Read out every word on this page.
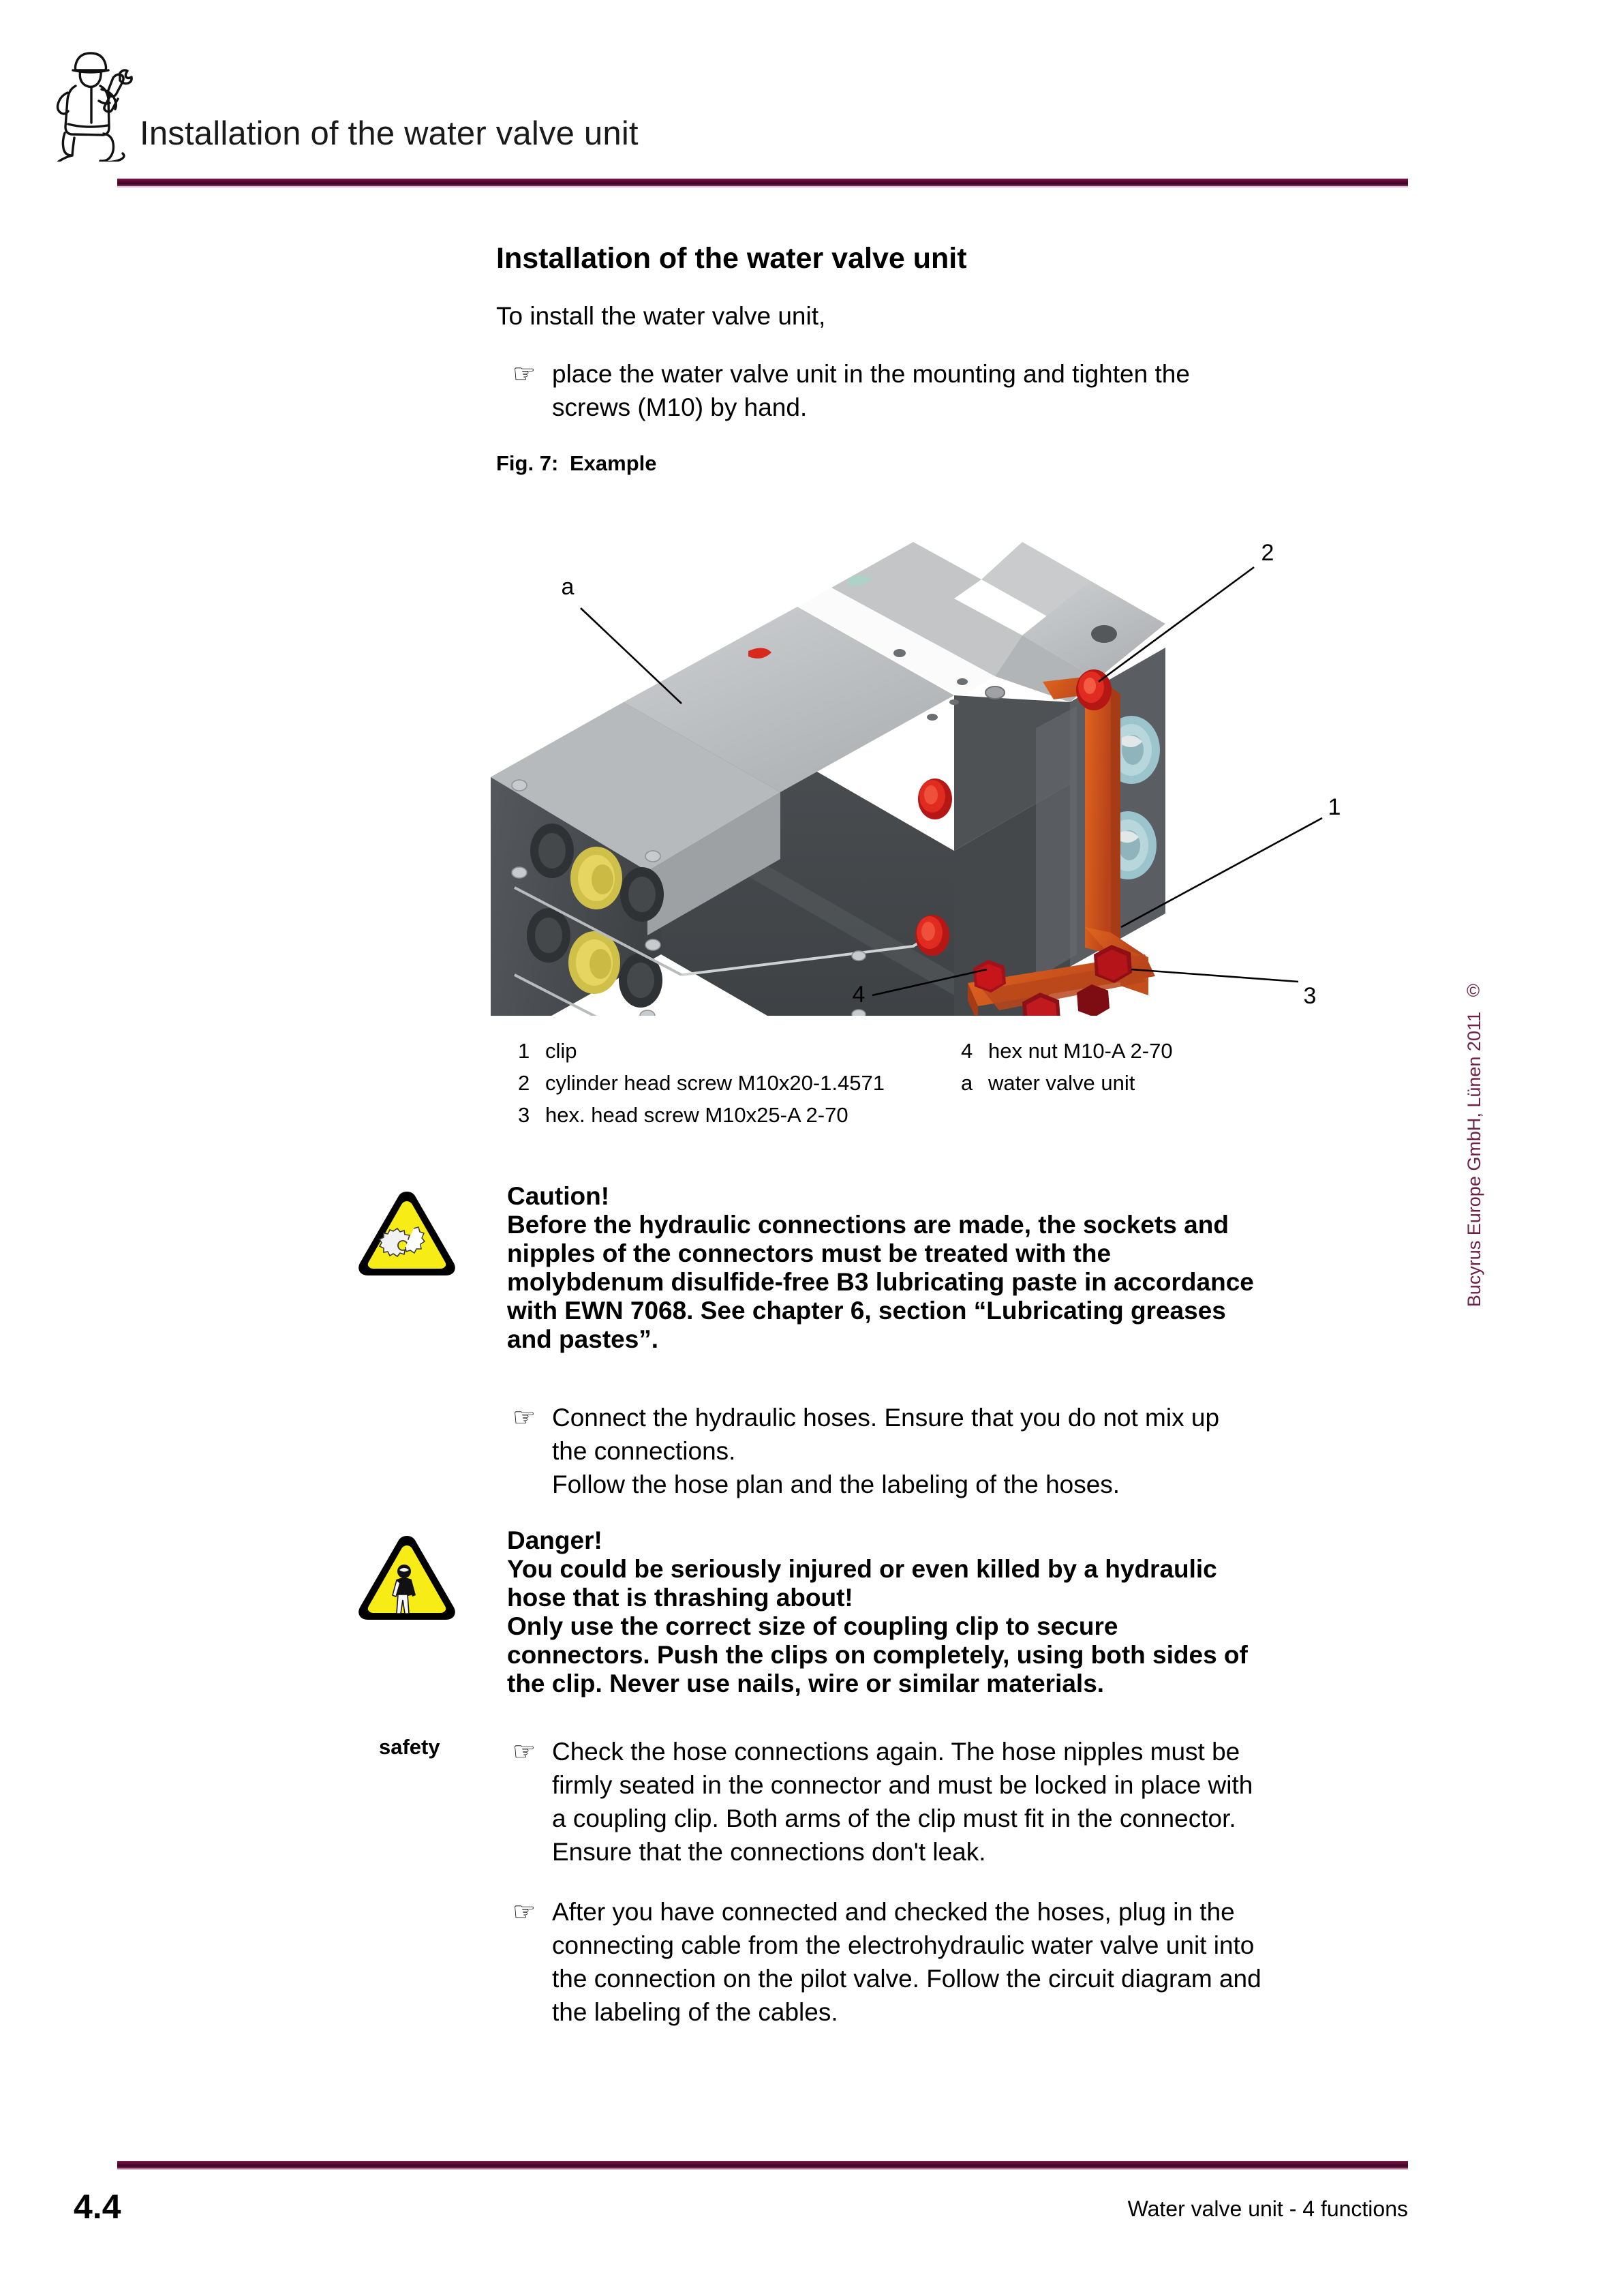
Installation of the water valve unit
Installation of the water valve unit
To install the water valve unit,
☞ place the water valve unit in the mounting and tighten the
screws (M10) by hand.
Fig. 7: Example
a
2
1
3
4
1 clip
2 cylinder head screw M10x20-1.4571
3 hex. head screw M10x25-A 2-70
4 hex nut M10-A 2-70
a water valve unit
Caution!
Before the hydraulic connections are made, the sockets and
nipples of the connectors must be treated with the
molybdenum disulfide-free B3 lubricating paste in accordance
with EWN 7068. See chapter 6, section “Lubricating greases
and pastes”.
☞ Connect the hydraulic hoses. Ensure that you do not mix up
the connections.
Follow the hose plan and the labeling of the hoses.
Danger!
You could be seriously injured or even killed by a hydraulic
hose that is thrashing about!
Only use the correct size of coupling clip to secure
connectors. Push the clips on completely, using both sides of
the clip. Never use nails, wire or similar materials.
safety	☞ Check the hose connections again. The hose nipples must be
firmly seated in the connector and must be locked in place with
a coupling clip. Both arms of the clip must fit in the connector.
Ensure that the connections don't leak.
☞ After you have connected and checked the hoses, plug in the
connecting cable from the electrohydraulic water valve unit into
the connection on the pilot valve. Follow the circuit diagram and
the labeling of the cables.
©
Bucyrus Europe GmbH, Lünen 2011
4.4	Water valve unit - 4 functions
